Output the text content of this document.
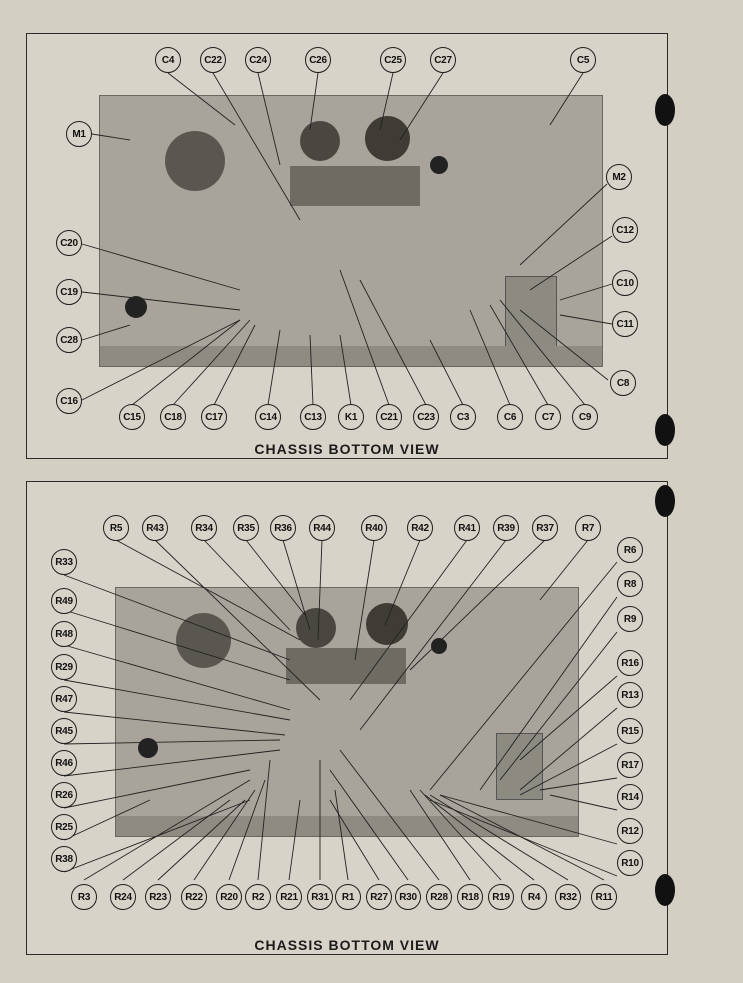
CHASSIS BOTTOM VIEW
CHASSIS BOTTOM VIEW
C4	C22	C24	C26	C25	C27	C5
M1
M2
C12
C20
C10
C19
C11
C28
C8
C16
C15	C18	C17	C14	C13	K1	C21	C23	C3	C6	C7	C9
R5	R43	R34	R35	R36	R44	R40	R42	R41	R39	R37	R7
R6
R33
R8
R49
R9
R48
R16
R29
R13
R47
R15
R45
R17
R46
R14
R26
R25	R12
R38	R10
R3	R24	R23	R22	R20	R2	R21	R31	R1	R27	R30	R28	R18	R19	R4	R32	R11
